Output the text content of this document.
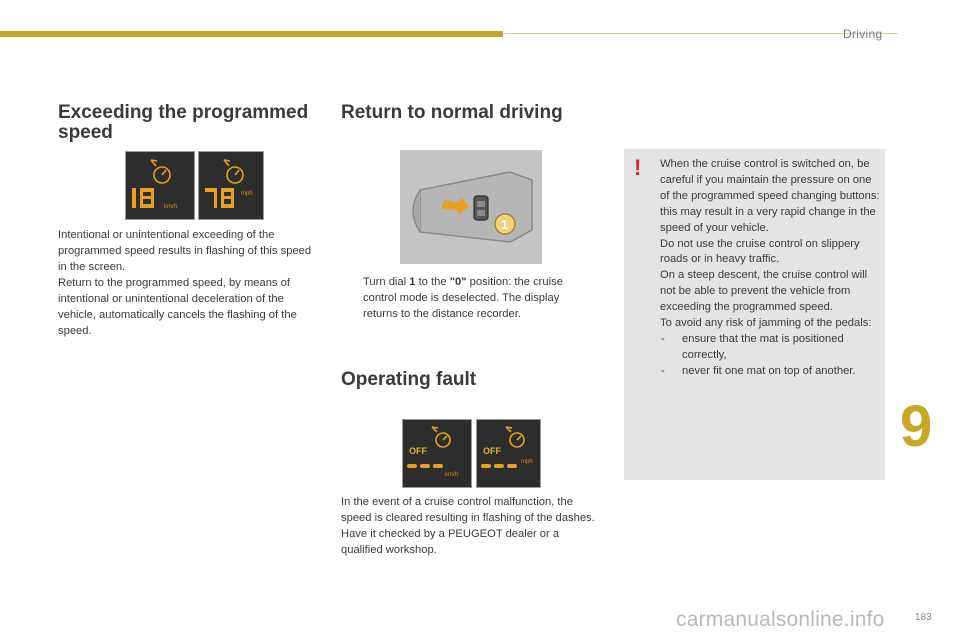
Driving
9
183
carmanualsonline.info
Exceeding the programmed speed
km/h
mph

Intentional or unintentional exceeding of the programmed speed results in flashing of this speed in the screen.

Return to the programmed speed, by means of intentional or unintentional deceleration of the vehicle, automatically cancels the flashing of the speed.

Return to normal driving
1
Turn dial 1 to the "0" position: the cruise control mode is deselected. The display returns to the distance recorder.
Operating fault
OFF
km/h
OFF
mph

In the event of a cruise control malfunction, the speed is cleared resulting in flashing of the dashes.

Have it checked by a PEUGEOT dealer or a qualified workshop.

! When the cruise control is switched on, be careful if you maintain the pressure on one of the programmed speed changing buttons: this may result in a very rapid change in the speed of your vehicle.

Do not use the cruise control on slippery roads or in heavy traffic.

On a steep descent, the cruise control will not be able to prevent the vehicle from exceeding the programmed speed.

To avoid any risk of jamming of the pedals:

- ensure that the mat is positioned correctly,

- never fit one mat on top of another.
